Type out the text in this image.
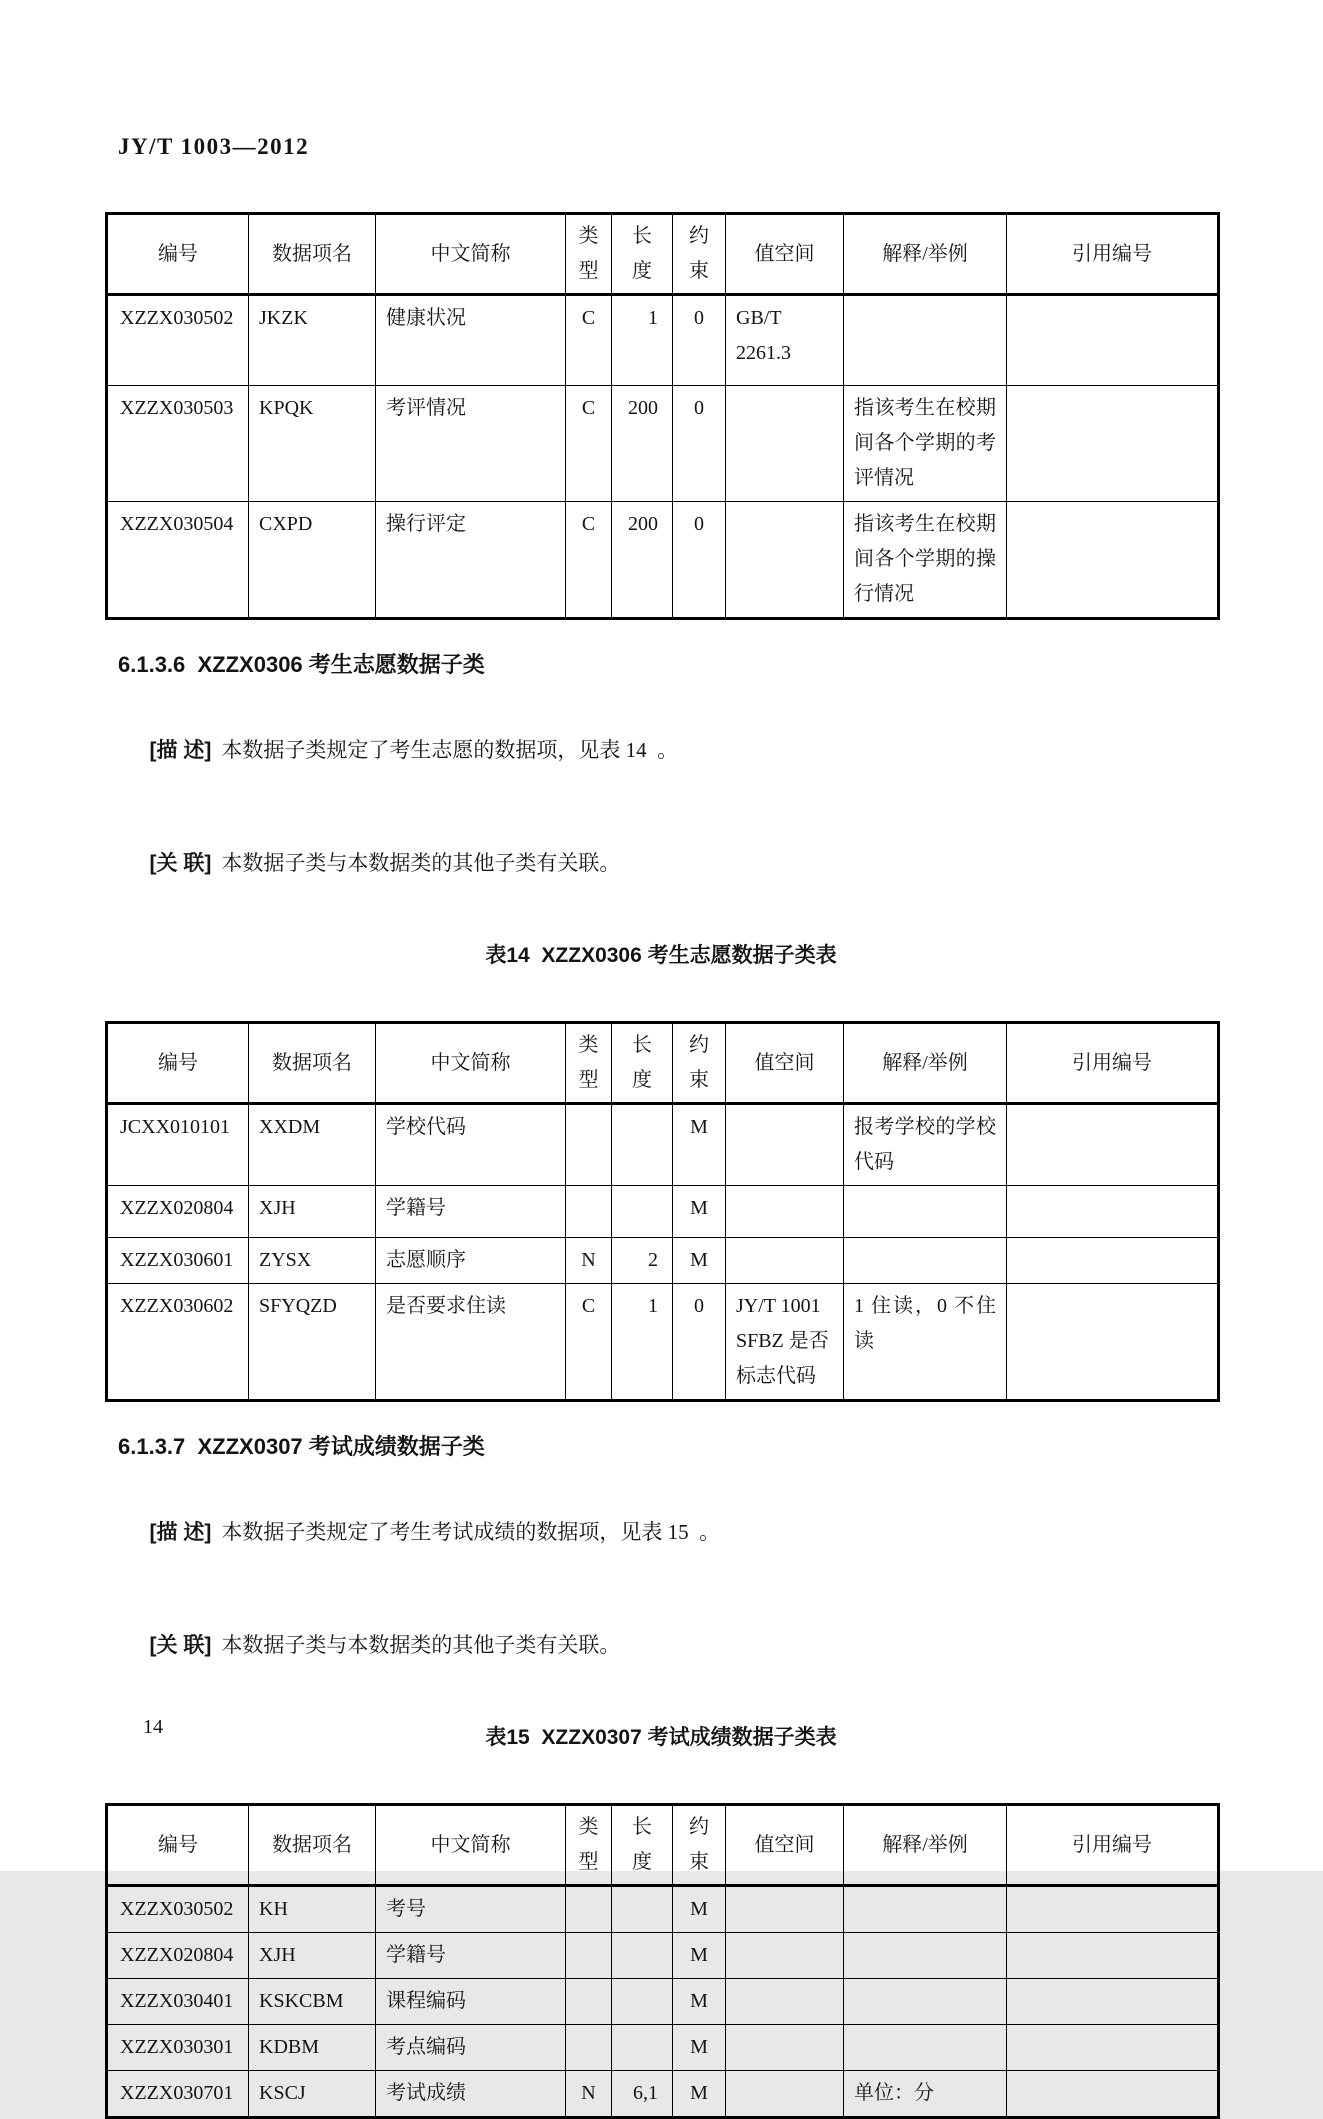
JY/T 1003—2012
编号	数据项名	中文简称	类型	长度	约束	值空间	解释/举例	引用编号
XZZX030502	JKZK	健康状况	C	1	0	GB/T 2261.3		
XZZX030503	KPQK	考评情况	C	200	0		指该考生在校期间各个学期的考评情况	
XZZX030504	CXPD	操行评定	C	200	0		指该考生在校期间各个学期的操行情况	
6.1.3.6  XZZX0306 考生志愿数据子类

[描 述] 本数据子类规定了考生志愿的数据项，见表 14  。

[关 联] 本数据子类与本数据类的其他子类有关联。

表14  XZZX0306 考生志愿数据子类表
编号	数据项名	中文简称	类型	长度	约束	值空间	解释/举例	引用编号
JCXX010101	XXDM	学校代码			M		报考学校的学校代码	
XZZX020804	XJH	学籍号			M			
XZZX030601	ZYSX	志愿顺序	N	2	M			
XZZX030602	SFYQZD	是否要求住读	C	1	0	JY/T 1001 SFBZ 是否标志代码	1 住读，0 不住读	
6.1.3.7  XZZX0307 考试成绩数据子类

[描 述] 本数据子类规定了考生考试成绩的数据项，见表 15  。

[关 联] 本数据子类与本数据类的其他子类有关联。

表15  XZZX0307 考试成绩数据子类表
编号	数据项名	中文简称	类型	长度	约束	值空间	解释/举例	引用编号
XZZX030502	KH	考号			M			
XZZX020804	XJH	学籍号			M			
XZZX030401	KSKCBM	课程编码			M			
XZZX030301	KDBM	考点编码			M			
XZZX030701	KSCJ	考试成绩	N	6,1	M		单位：分	
14
